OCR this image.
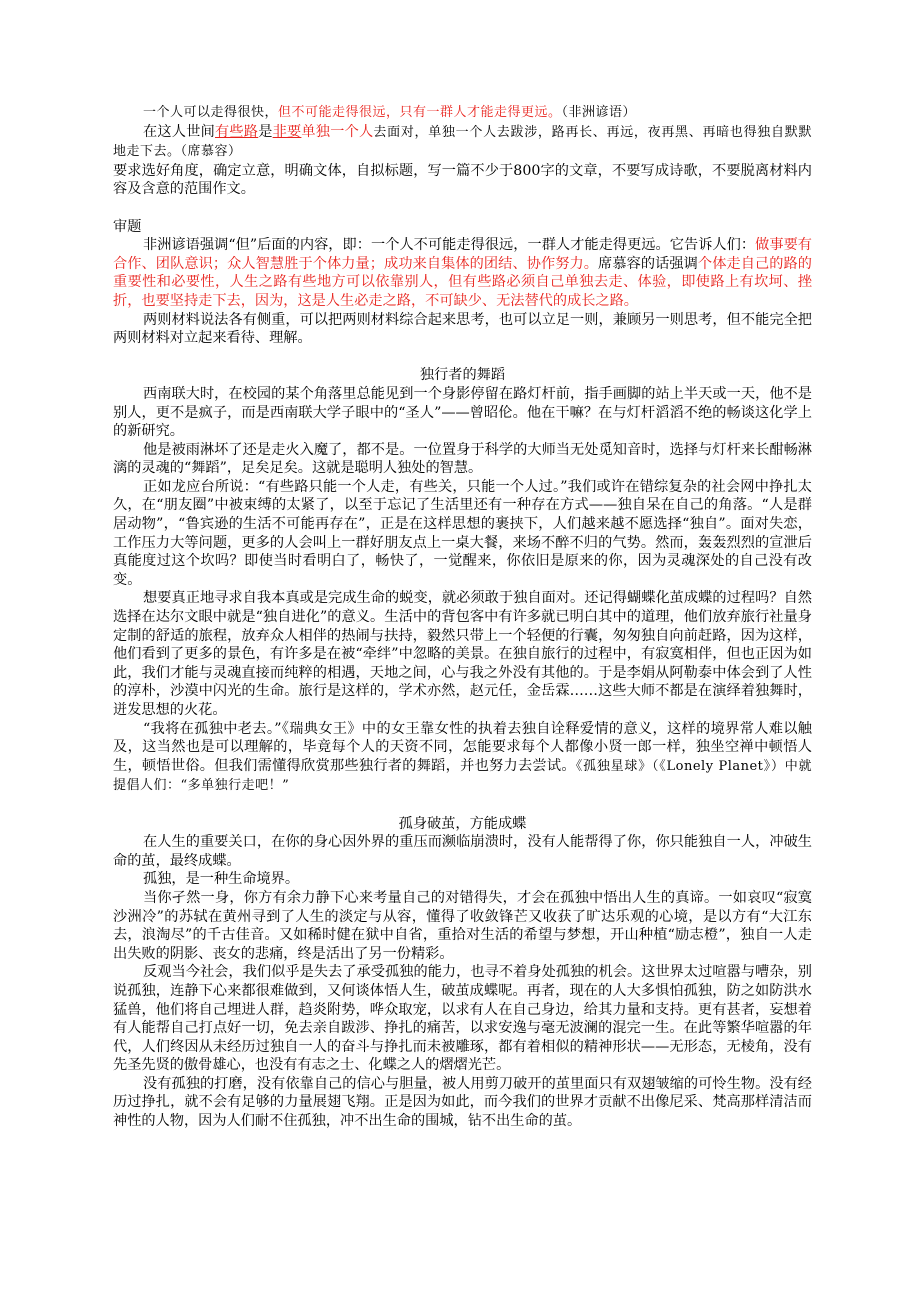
一个人可以走得很快，但不可能走得很远，只有一群人才能走得更远。（非洲谚语）

在这人世间有些路是非要单独一个人去面对，单独一个人去跋涉，路再长、再远，夜再黑、再暗也得独自默默地走下去。（席慕容）

要求选好角度，确定立意，明确文体，自拟标题，写一篇不少于800字的文章，不要写成诗歌，不要脱离材料内容及含意的范围作文。

审题

非洲谚语强调“但”后面的内容，即：一个人不可能走得很远，一群人才能走得更远。它告诉人们：做事要有合作、团队意识；众人智慧胜于个体力量；成功来自集体的团结、协作努力。席慕容的话强调个体走自己的路的重要性和必要性，人生之路有些地方可以依靠别人，但有些路必须自己单独去走、体验，即使路上有坎坷、挫折，也要坚持走下去，因为，这是人生必走之路，不可缺少、无法替代的成长之路。

两则材料说法各有侧重，可以把两则材料综合起来思考，也可以立足一则，兼顾另一则思考，但不能完全把两则材料对立起来看待、理解。

独行者的舞蹈

西南联大时，在校园的某个角落里总能见到一个身影停留在路灯杆前，指手画脚的站上半天或一天，他不是别人，更不是疯子，而是西南联大学子眼中的“圣人”——曾昭伦。他在干嘛？在与灯杆滔滔不绝的畅谈这化学上的新研究。

他是被雨淋坏了还是走火入魔了，都不是。一位置身于科学的大师当无处觅知音时，选择与灯杆来长酣畅淋漓的灵魂的“舞蹈”，足矣足矣。这就是聪明人独处的智慧。

正如龙应台所说：“有些路只能一个人走，有些关，只能一个人过。”我们或许在错综复杂的社会网中挣扎太久，在“朋友圈”中被束缚的太紧了，以至于忘记了生活里还有一种存在方式——独自呆在自己的角落。“人是群居动物”，“鲁宾逊的生活不可能再存在”，正是在这样思想的裹挟下，人们越来越不愿选择“独自”。面对失恋，工作压力大等问题，更多的人会叫上一群好朋友点上一桌大餐，来场不醉不归的气势。然而，轰轰烈烈的宣泄后真能度过这个坎吗？即使当时看明白了，畅快了，一觉醒来，你依旧是原来的你，因为灵魂深处的自己没有改变。

想要真正地寻求自我本真或是完成生命的蜕变，就必须敢于独自面对。还记得蝴蝶化茧成蝶的过程吗？自然选择在达尔文眼中就是“独自进化”的意义。生活中的背包客中有许多就已明白其中的道理，他们放弃旅行社量身定制的舒适的旅程，放弃众人相伴的热闹与扶持，毅然只带上一个轻便的行囊，匆匆独自向前赶路，因为这样，他们看到了更多的景色，有许多是在被“牵绊”中忽略的美景。在独自旅行的过程中，有寂寞相伴，但也正因为如此，我们才能与灵魂直接而纯粹的相遇，天地之间，心与我之外没有其他的。于是李娟从阿勒泰中体会到了人性的淳朴，沙漠中闪光的生命。旅行是这样的，学术亦然，赵元任，金岳霖……这些大师不都是在演绎着独舞时，迸发思想的火花。

“我将在孤独中老去。”《瑞典女王》中的女王靠女性的执着去独自诠释爱情的意义，这样的境界常人难以触及，这当然也是可以理解的，毕竟每个人的天资不同，怎能要求每个人都像小贤一郎一样，独坐空禅中顿悟人生，顿悟世俗。但我们需懂得欣赏那些独行者的舞蹈，并也努力去尝试。《孤独星球》（《Lonely Planet》）中就提倡人们：“多单独行走吧！”

孤身破茧，方能成蝶

在人生的重要关口，在你的身心因外界的重压而濒临崩溃时，没有人能帮得了你，你只能独自一人，冲破生命的茧，最终成蝶。

孤独，是一种生命境界。

当你孑然一身，你方有余力静下心来考量自己的对错得失，才会在孤独中悟出人生的真谛。一如哀叹“寂寞沙洲冷”的苏轼在黄州寻到了人生的淡定与从容，懂得了收敛锋芒又收获了旷达乐观的心境，是以方有“大江东去，浪淘尽”的千古佳音。又如稀时健在狱中自省，重拾对生活的希望与梦想，开山种植“励志橙”，独自一人走出失败的阴影、丧女的悲痛，终是活出了另一份精彩。

反观当今社会，我们似乎是失去了承受孤独的能力，也寻不着身处孤独的机会。这世界太过喧嚣与嘈杂，别说孤独，连静下心来都很难做到，又何谈体悟人生，破茧成蝶呢。再者，现在的人大多惧怕孤独，防之如防洪水猛兽，他们将自己埋进人群，趋炎附势，哗众取宠，以求有人在自己身边，给其力量和支持。更有甚者，妄想着有人能帮自己打点好一切，免去亲自跋涉、挣扎的痛苦，以求安逸与毫无波澜的混完一生。在此等繁华喧嚣的年代，人们终因从未经历过独自一人的奋斗与挣扎而未被雕琢，都有着相似的精神形状——无形态，无棱角，没有先圣先贤的傲骨雄心，也没有有志之士、化蝶之人的熠熠光芒。

没有孤独的打磨，没有依靠自己的信心与胆量，被人用剪刀破开的茧里面只有双翅皱缩的可怜生物。没有经历过挣扎，就不会有足够的力量展翅飞翔。正是因为如此，而今我们的世界才贡献不出像尼采、梵高那样清洁而神性的人物，因为人们耐不住孤独，冲不出生命的围城，钻不出生命的茧。
